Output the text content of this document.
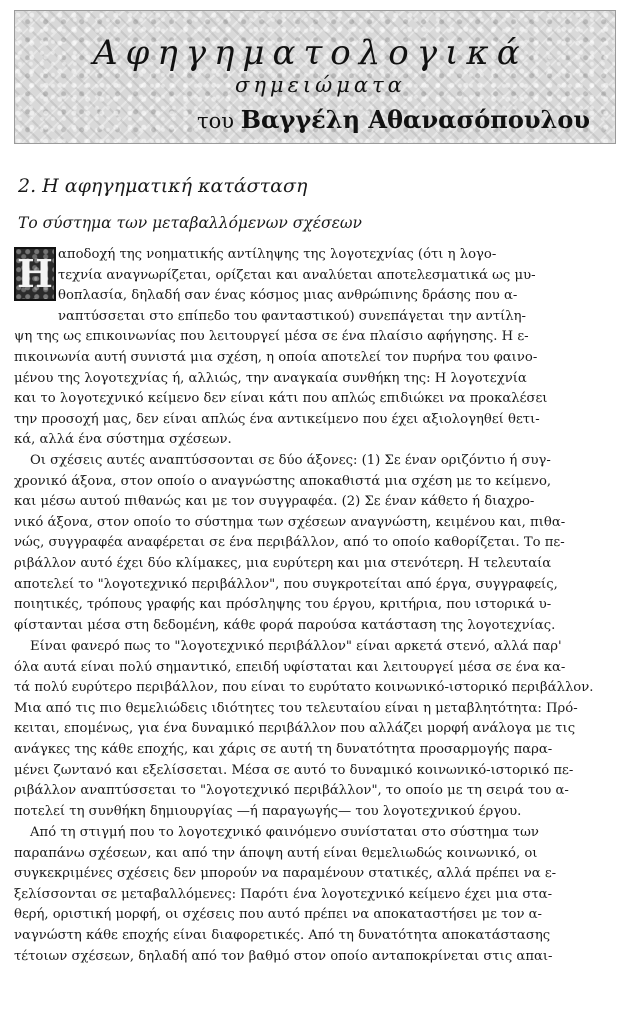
Αφηγηματολογικά
σημειώματα
του Βαγγέλη Αθανασόπουλου
2. Η αφηγηματική κατάσταση
Το σύστημα των μεταβαλλόμενων σχέσεων
Η αποδοχή της νοηματικής αντίληψης της λογοτεχνίας (ότι η λογο-
τεχνία αναγνωρίζεται, ορίζεται και αναλύεται αποτελεσματικά ως μυ-
θοπλασία, δηλαδή σαν ένας κόσμος μιας ανθρώπινης δράσης που α-
ναπτύσσεται στο επίπεδο του φανταστικού) συνεπάγεται την αντίλη-
ψη της ως επικοινωνίας που λειτουργεί μέσα σε ένα πλαίσιο αφήγησης. Η ε-
πικοινωνία αυτή συνιστά μια σχέση, η οποία αποτελεί τον πυρήνα του φαινο-
μένου της λογοτεχνίας ή, αλλιώς, την αναγκαία συνθήκη της: Η λογοτεχνία
και το λογοτεχνικό κείμενο δεν είναι κάτι που απλώς επιδιώκει να προκαλέσει
την προσοχή μας, δεν είναι απλώς ένα αντικείμενο που έχει αξιολογηθεί θετι-
κά, αλλά ένα σύστημα σχέσεων.
Οι σχέσεις αυτές αναπτύσσονται σε δύο άξονες: (1) Σε έναν οριζόντιο ή συγ-
χρονικό άξονα, στον οποίο ο αναγνώστης αποκαθιστά μια σχέση με το κείμενο,
και μέσω αυτού πιθανώς και με τον συγγραφέα. (2) Σε έναν κάθετο ή διαχρο-
νικό άξονα, στον οποίο το σύστημα των σχέσεων αναγνώστη, κειμένου και, πιθα-
νώς, συγγραφέα αναφέρεται σε ένα περιβάλλον, από το οποίο καθορίζεται. Το πε-
ριβάλλον αυτό έχει δύο κλίμακες, μια ευρύτερη και μια στενότερη. Η τελευταία
αποτελεί το "λογοτεχνικό περιβάλλον", που συγκροτείται από έργα, συγγραφείς,
ποιητικές, τρόπους γραφής και πρόσληψης του έργου, κριτήρια, που ιστορικά υ-
φίστανται μέσα στη δεδομένη, κάθε φορά παρούσα κατάσταση της λογοτεχνίας.
Είναι φανερό πως το "λογοτεχνικό περιβάλλον" είναι αρκετά στενό, αλλά παρ'
όλα αυτά είναι πολύ σημαντικό, επειδή υφίσταται και λειτουργεί μέσα σε ένα κα-
τά πολύ ευρύτερο περιβάλλον, που είναι το ευρύτατο κοινωνικό-ιστορικό περιβάλλον.
Μια από τις πιο θεμελιώδεις ιδιότητες του τελευταίου είναι η μεταβλητότητα: Πρό-
κειται, επομένως, για ένα δυναμικό περιβάλλον που αλλάζει μορφή ανάλογα με τις
ανάγκες της κάθε εποχής, και χάρις σε αυτή τη δυνατότητα προσαρμογής παρα-
μένει ζωντανό και εξελίσσεται. Μέσα σε αυτό το δυναμικό κοινωνικό-ιστορικό πε-
ριβάλλον αναπτύσσεται το "λογοτεχνικό περιβάλλον", το οποίο με τη σειρά του α-
ποτελεί τη συνθήκη δημιουργίας —ή παραγωγής— του λογοτεχνικού έργου.
Από τη στιγμή που το λογοτεχνικό φαινόμενο συνίσταται στο σύστημα των
παραπάνω σχέσεων, και από την άποψη αυτή είναι θεμελιωδώς κοινωνικό, οι
συγκεκριμένες σχέσεις δεν μπορούν να παραμένουν στατικές, αλλά πρέπει να ε-
ξελίσσονται σε μεταβαλλόμενες: Παρότι ένα λογοτεχνικό κείμενο έχει μια στα-
θερή, οριστική μορφή, οι σχέσεις που αυτό πρέπει να αποκαταστήσει με τον α-
ναγνώστη κάθε εποχής είναι διαφορετικές. Από τη δυνατότητα αποκατάστασης
τέτοιων σχέσεων, δηλαδή από τον βαθμό στον οποίο ανταποκρίνεται στις απαι-
